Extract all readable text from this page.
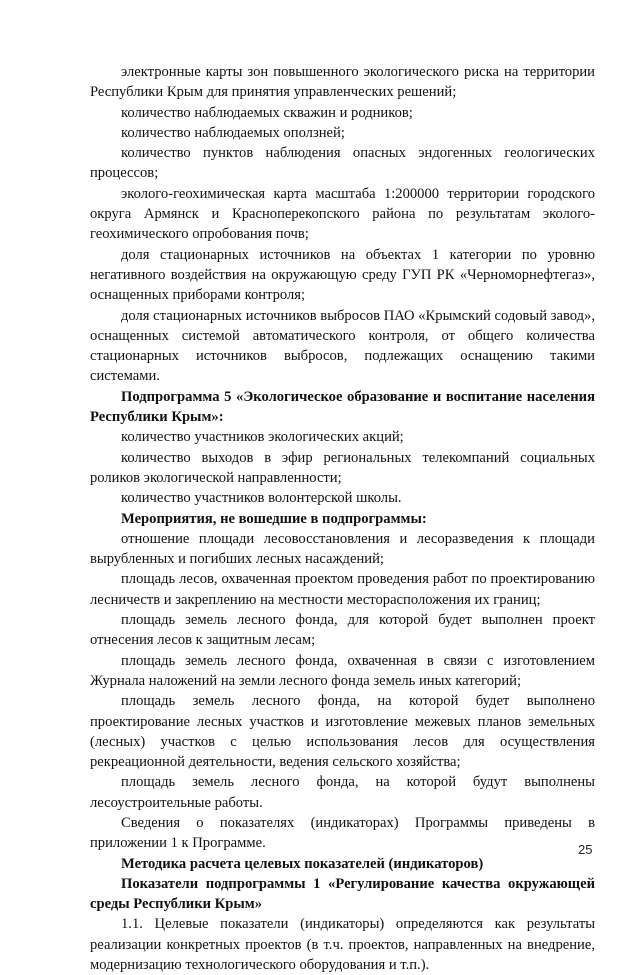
электронные карты зон повышенного экологического риска на территории Республики Крым для принятия управленческих решений;

количество наблюдаемых скважин и родников;

количество наблюдаемых оползней;

количество пунктов наблюдения опасных эндогенных геологических процессов;

эколого-геохимическая карта масштаба 1:200000 территории городского округа Армянск и Красноперекопского района по результатам эколого-геохимического опробования почв;

доля стационарных источников на объектах 1 категории по уровню негативного воздействия на окружающую среду ГУП РК «Черноморнефтегаз», оснащенных приборами контроля;

доля стационарных источников выбросов ПАО «Крымский содовый завод», оснащенных системой автоматического контроля, от общего количества стационарных источников выбросов, подлежащих оснащению такими системами.

Подпрограмма 5 «Экологическое образование и воспитание населения Республики Крым»:

количество участников экологических акций;

количество выходов в эфир региональных телекомпаний социальных роликов экологической направленности;

количество участников волонтерской школы.

Мероприятия, не вошедшие в подпрограммы:

отношение площади лесовосстановления и лесоразведения к площади вырубленных и погибших лесных насаждений;

площадь лесов, охваченная проектом проведения работ по проектированию лесничеств и закреплению на местности месторасположения их границ;

площадь земель лесного фонда, для которой будет выполнен проект отнесения лесов к защитным лесам;

площадь земель лесного фонда, охваченная в связи с изготовлением Журнала наложений на земли лесного фонда земель иных категорий;

площадь земель лесного фонда, на которой будет выполнено проектирование лесных участков и изготовление межевых планов земельных (лесных) участков с целью использования лесов для осуществления рекреационной деятельности, ведения сельского хозяйства;

площадь земель лесного фонда, на которой будут выполнены лесоустроительные работы.

Сведения о показателях (индикаторах) Программы приведены в приложении 1 к Программе.

Методика расчета целевых показателей (индикаторов)

Показатели подпрограммы 1 «Регулирование качества окружающей среды Республики Крым»

1.1. Целевые показатели (индикаторы) определяются как результаты реализации конкретных проектов (в т.ч. проектов, направленных на внедрение, модернизацию технологического оборудования и т.п.).

25
